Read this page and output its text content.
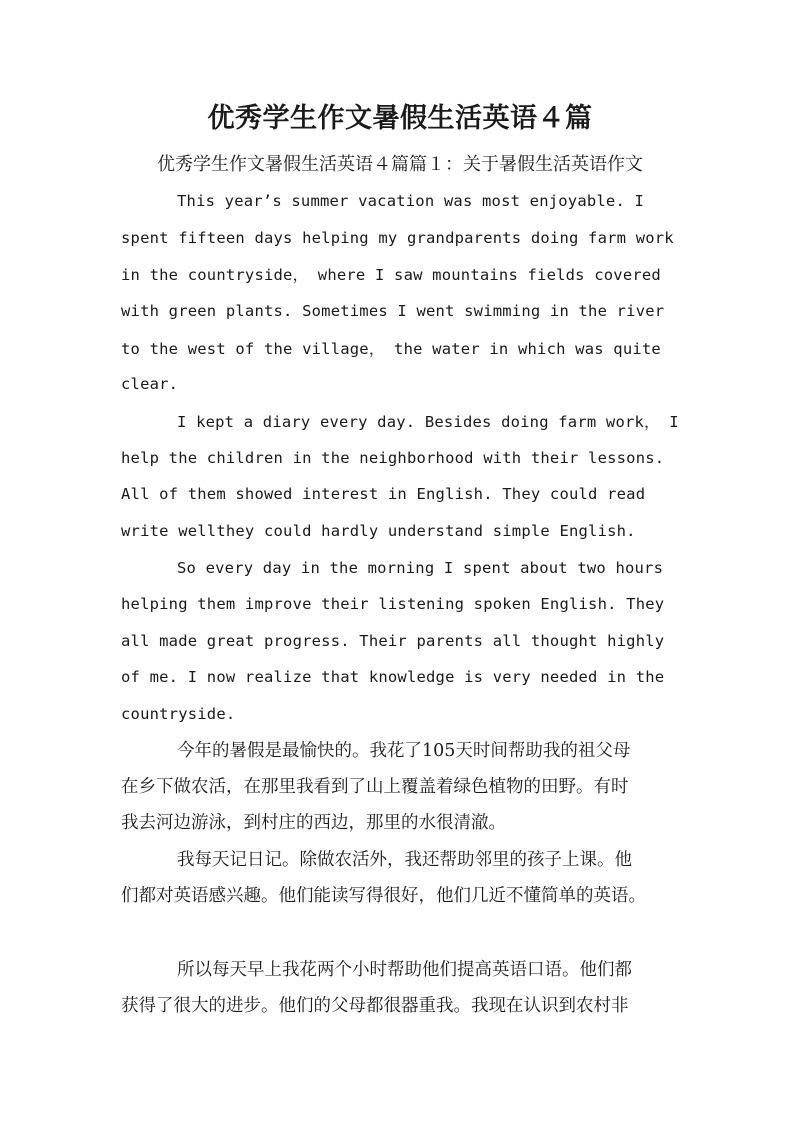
优秀学生作文暑假生活英语４篇
优秀学生作文暑假生活英语４篇篇１：关于暑假生活英语作文
This year’s summer vacation was most enjoyable. I
spent fifteen days helping my grandparents doing farm work
in the countryside， where I saw mountains fields covered
with green plants. Sometimes I went swimming in the river
to the west of the village， the water in which was quite
clear.
I kept a diary every day. Besides doing farm work， I
help the children in the neighborhood with their lessons.
All of them showed interest in English. They could read
write wellthey could hardly understand simple English.
So every day in the morning I spent about two hours
helping them improve their listening spoken English. They
all made great progress. Their parents all thought highly
of me. I now realize that knowledge is very needed in the
countryside.
今年的暑假是最愉快的。我花了105天时间帮助我的祖父母
在乡下做农活，在那里我看到了山上覆盖着绿色植物的田野。有时
我去河边游泳，到村庄的西边，那里的水很清澈。
我每天记日记。除做农活外，我还帮助邻里的孩子上课。他
们都对英语感兴趣。他们能读写得很好，他们几近不懂简单的英语。
所以每天早上我花两个小时帮助他们提高英语口语。他们都
获得了很大的进步。他们的父母都很器重我。我现在认识到农村非
